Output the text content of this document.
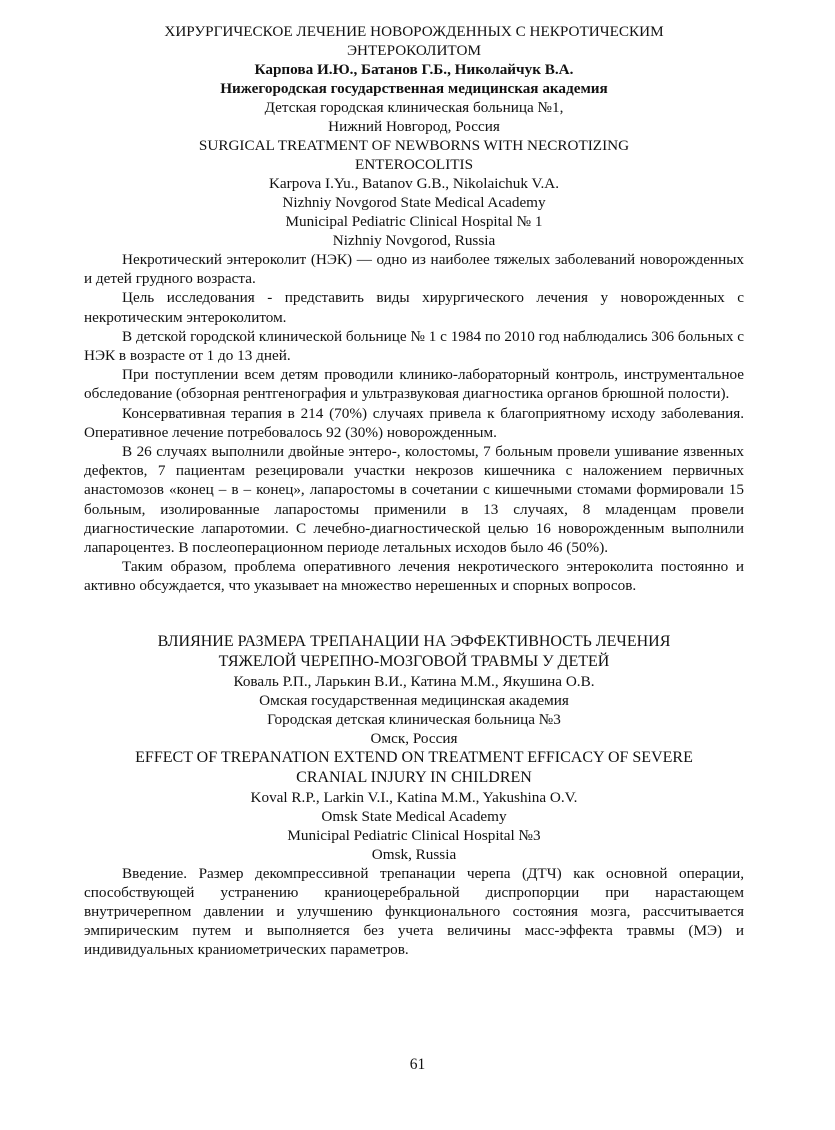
ХИРУРГИЧЕСКОЕ ЛЕЧЕНИЕ НОВОРОЖДЕННЫХ С НЕКРОТИЧЕСКИМ
ЭНТЕРОКОЛИТОМ
Карпова И.Ю., Батанов Г.Б., Николайчук В.А.
Нижегородская государственная медицинская академия
Детская городская клиническая больница №1,
Нижний Новгород, Россия
SURGICAL TREATMENT OF NEWBORNS WITH NECROTIZING
ENTEROCOLITIS
Karpova I.Yu., Batanov G.B., Nikolaichuk V.A.
Nizhniy Novgorod State Medical Academy
Municipal Pediatric Clinical Hospital № 1
Nizhniy Novgorod, Russia

Некротический энтероколит (НЭК) — одно из наиболее тяжелых заболеваний новорожденных и детей грудного возраста.

Цель исследования - представить виды хирургического лечения у новорожденных с некротическим энтероколитом.

В детской городской клинической больнице № 1 с 1984 по 2010 год наблюдались 306 больных с НЭК в возрасте от 1 до 13 дней.

При поступлении всем детям проводили клинико-лабораторный контроль, инструментальное обследование (обзорная рентгенография и ультразвуковая диагностика органов брюшной полости).

Консервативная терапия в 214 (70%) случаях привела к благоприятному исходу заболевания. Оперативное лечение потребовалось 92 (30%) новорожденным.

В 26 случаях выполнили двойные энтеро-, колостомы, 7 больным провели ушивание язвенных дефектов, 7 пациентам резецировали участки некрозов кишечника с наложением первичных анастомозов «конец – в – конец», лапаростомы в сочетании с кишечными стомами формировали 15 больным, изолированные лапаростомы применили в 13 случаях, 8 младенцам провели диагностические лапаротомии. С лечебно-диагностической целью 16 новорожденным выполнили лапароцентез. В послеоперационном периоде летальных исходов было 46 (50%).

Таким образом, проблема оперативного лечения некротического энтероколита постоянно и активно обсуждается, что указывает на множество нерешенных и спорных вопросов.

ВЛИЯНИЕ РАЗМЕРА ТРЕПАНАЦИИ НА ЭФФЕКТИВНОСТЬ ЛЕЧЕНИЯ
ТЯЖЕЛОЙ ЧЕРЕПНО-МОЗГОВОЙ ТРАВМЫ У ДЕТЕЙ
Коваль Р.П., Ларькин В.И., Катина М.М., Якушина О.В.
Омская государственная медицинская академия
Городская детская клиническая больница №3
Омск, Россия
EFFECT OF TREPANATION EXTEND ON TREATMENT EFFICACY OF SEVERE
CRANIAL INJURY IN CHILDREN
Koval R.P., Larkin V.I., Katina M.M., Yakushina O.V.
Omsk State Medical Academy
Municipal Pediatric Clinical Hospital №3
Omsk, Russia

Введение. Размер декомпрессивной трепанации черепа (ДТЧ) как основной операции, способствующей устранению краниоцеребральной диспропорции при нарастающем внутричерепном давлении и улучшению функционального состояния мозга, рассчитывается эмпирическим путем и выполняется без учета величины масс-эффекта травмы (МЭ) и индивидуальных краниометрических параметров.

61
